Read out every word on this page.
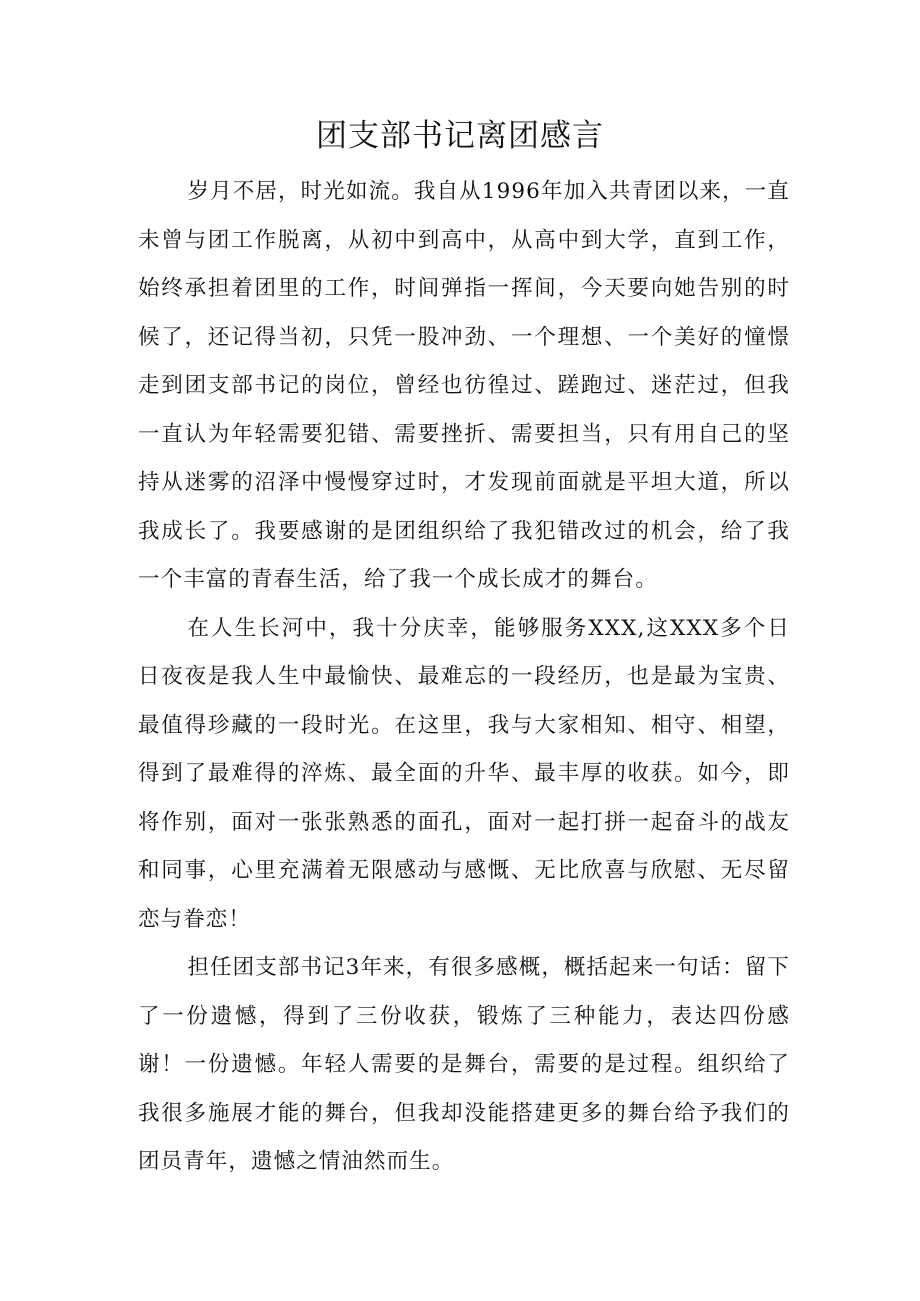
团支部书记离团感言

岁月不居，时光如流。我自从1996年加入共青团以来，一直未曾与团工作脱离，从初中到高中，从高中到大学，直到工作，始终承担着团里的工作，时间弹指一挥间，今天要向她告别的时候了，还记得当初，只凭一股冲劲、一个理想、一个美好的憧憬走到团支部书记的岗位，曾经也彷徨过、蹉跑过、迷茫过，但我一直认为年轻需要犯错、需要挫折、需要担当，只有用自己的坚持从迷雾的沼泽中慢慢穿过时，才发现前面就是平坦大道，所以我成长了。我要感谢的是团组织给了我犯错改过的机会，给了我一个丰富的青春生活，给了我一个成长成才的舞台。

在人生长河中，我十分庆幸，能够服务XXX,这XXX多个日日夜夜是我人生中最愉快、最难忘的一段经历，也是最为宝贵、最值得珍藏的一段时光。在这里，我与大家相知、相守、相望，得到了最难得的淬炼、最全面的升华、最丰厚的收获。如今，即将作别，面对一张张熟悉的面孔，面对一起打拼一起奋斗的战友和同事，心里充满着无限感动与感慨、无比欣喜与欣慰、无尽留恋与眷恋！

担任团支部书记3年来，有很多感概，概括起来一句话：留下了一份遗憾，得到了三份收获，锻炼了三种能力，表达四份感谢！一份遗憾。年轻人需要的是舞台，需要的是过程。组织给了我很多施展才能的舞台，但我却没能搭建更多的舞台给予我们的团员青年，遗憾之情油然而生。
